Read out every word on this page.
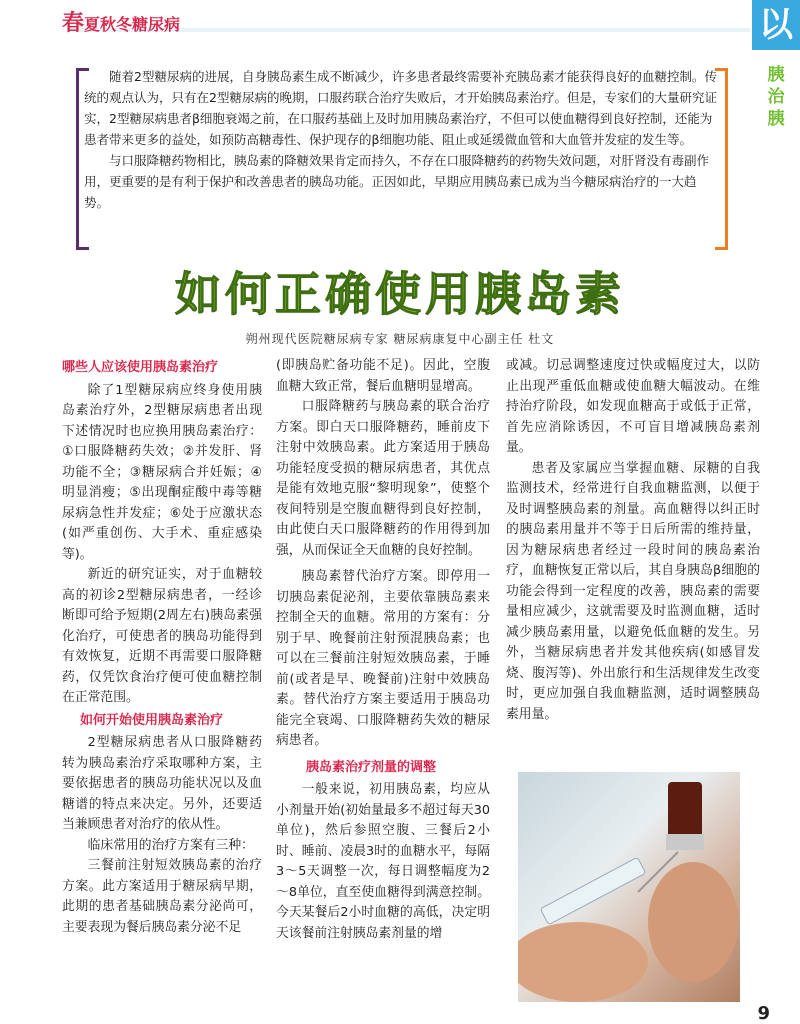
春夏秋冬糖尿病	以
胰治胰

随着2型糖尿病的进展，自身胰岛素生成不断减少，许多患者最终需要补充胰岛素才能获得良好的血糖控制。传统的观点认为，只有在2型糖尿病的晚期，口服药联合治疗失败后，才开始胰岛素治疗。但是，专家们的大量研究证实，2型糖尿病患者β细胞衰竭之前，在口服药基础上及时加用胰岛素治疗，不但可以使血糖得到良好控制，还能为患者带来更多的益处，如预防高糖毒性、保护现存的β细胞功能、阻止或延缓微血管和大血管并发症的发生等。

与口服降糖药物相比，胰岛素的降糖效果肯定而持久，不存在口服降糖药的药物失效问题，对肝肾没有毒副作用，更重要的是有利于保护和改善患者的胰岛功能。正因如此，早期应用胰岛素已成为当今糖尿病治疗的一大趋势。

如何正确使用胰岛素
朔州现代医院糖尿病专家 糖尿病康复中心副主任 杜文
哪些人应该使用胰岛素治疗

除了1型糖尿病应终身使用胰岛素治疗外，2型糖尿病患者出现下述情况时也应换用胰岛素治疗：①口服降糖药失效；②并发肝、肾功能不全；③糖尿病合并妊娠；④明显消瘦；⑤出现酮症酸中毒等糖尿病急性并发症；⑥处于应激状态(如严重创伤、大手术、重症感染等)。

新近的研究证实，对于血糖较高的初诊2型糖尿病患者，一经诊断即可给予短期(2周左右)胰岛素强化治疗，可使患者的胰岛功能得到有效恢复，近期不再需要口服降糖药，仅凭饮食治疗便可使血糖控制在正常范围。

如何开始使用胰岛素治疗

2型糖尿病患者从口服降糖药转为胰岛素治疗采取哪种方案，主要依据患者的胰岛功能状况以及血糖谱的特点来决定。另外，还要适当兼顾患者对治疗的依从性。

临床常用的治疗方案有三种：

三餐前注射短效胰岛素的治疗方案。此方案适用于糖尿病早期，此期的患者基础胰岛素分泌尚可，主要表现为餐后胰岛素分泌不足

(即胰岛贮备功能不足)。因此，空腹血糖大致正常，餐后血糖明显增高。

口服降糖药与胰岛素的联合治疗方案。即白天口服降糖药，睡前皮下注射中效胰岛素。此方案适用于胰岛功能轻度受损的糖尿病患者，其优点是能有效地克服“黎明现象”，使整个夜间特别是空腹血糖得到良好控制，由此使白天口服降糖药的作用得到加强，从而保证全天血糖的良好控制。

胰岛素替代治疗方案。即停用一切胰岛素促泌剂，主要依靠胰岛素来控制全天的血糖。常用的方案有：分别于早、晚餐前注射预混胰岛素；也可以在三餐前注射短效胰岛素，于睡前(或者是早、晚餐前)注射中效胰岛素。替代治疗方案主要适用于胰岛功能完全衰竭、口服降糖药失效的糖尿病患者。

胰岛素治疗剂量的调整

一般来说，初用胰岛素，均应从小剂量开始(初始量最多不超过每天30单位)，然后参照空腹、三餐后2小时、睡前、凌晨3时的血糖水平，每隔3～5天调整一次，每日调整幅度为2～8单位，直至使血糖得到满意控制。今天某餐后2小时血糖的高低，决定明天该餐前注射胰岛素剂量的增

或减。切忌调整速度过快或幅度过大，以防止出现严重低血糖或使血糖大幅波动。在维持治疗阶段，如发现血糖高于或低于正常，首先应消除诱因，不可盲目增减胰岛素剂量。

患者及家属应当掌握血糖、尿糖的自我监测技术，经常进行自我血糖监测，以便于及时调整胰岛素的剂量。高血糖得以纠正时的胰岛素用量并不等于日后所需的维持量，因为糖尿病患者经过一段时间的胰岛素治疗，血糖恢复正常以后，其自身胰岛β细胞的功能会得到一定程度的改善，胰岛素的需要量相应减少，这就需要及时监测血糖，适时减少胰岛素用量，以避免低血糖的发生。另外，当糖尿病患者并发其他疾病(如感冒发烧、腹泻等)、外出旅行和生活规律发生改变时，更应加强自我血糖监测，适时调整胰岛素用量。

9
